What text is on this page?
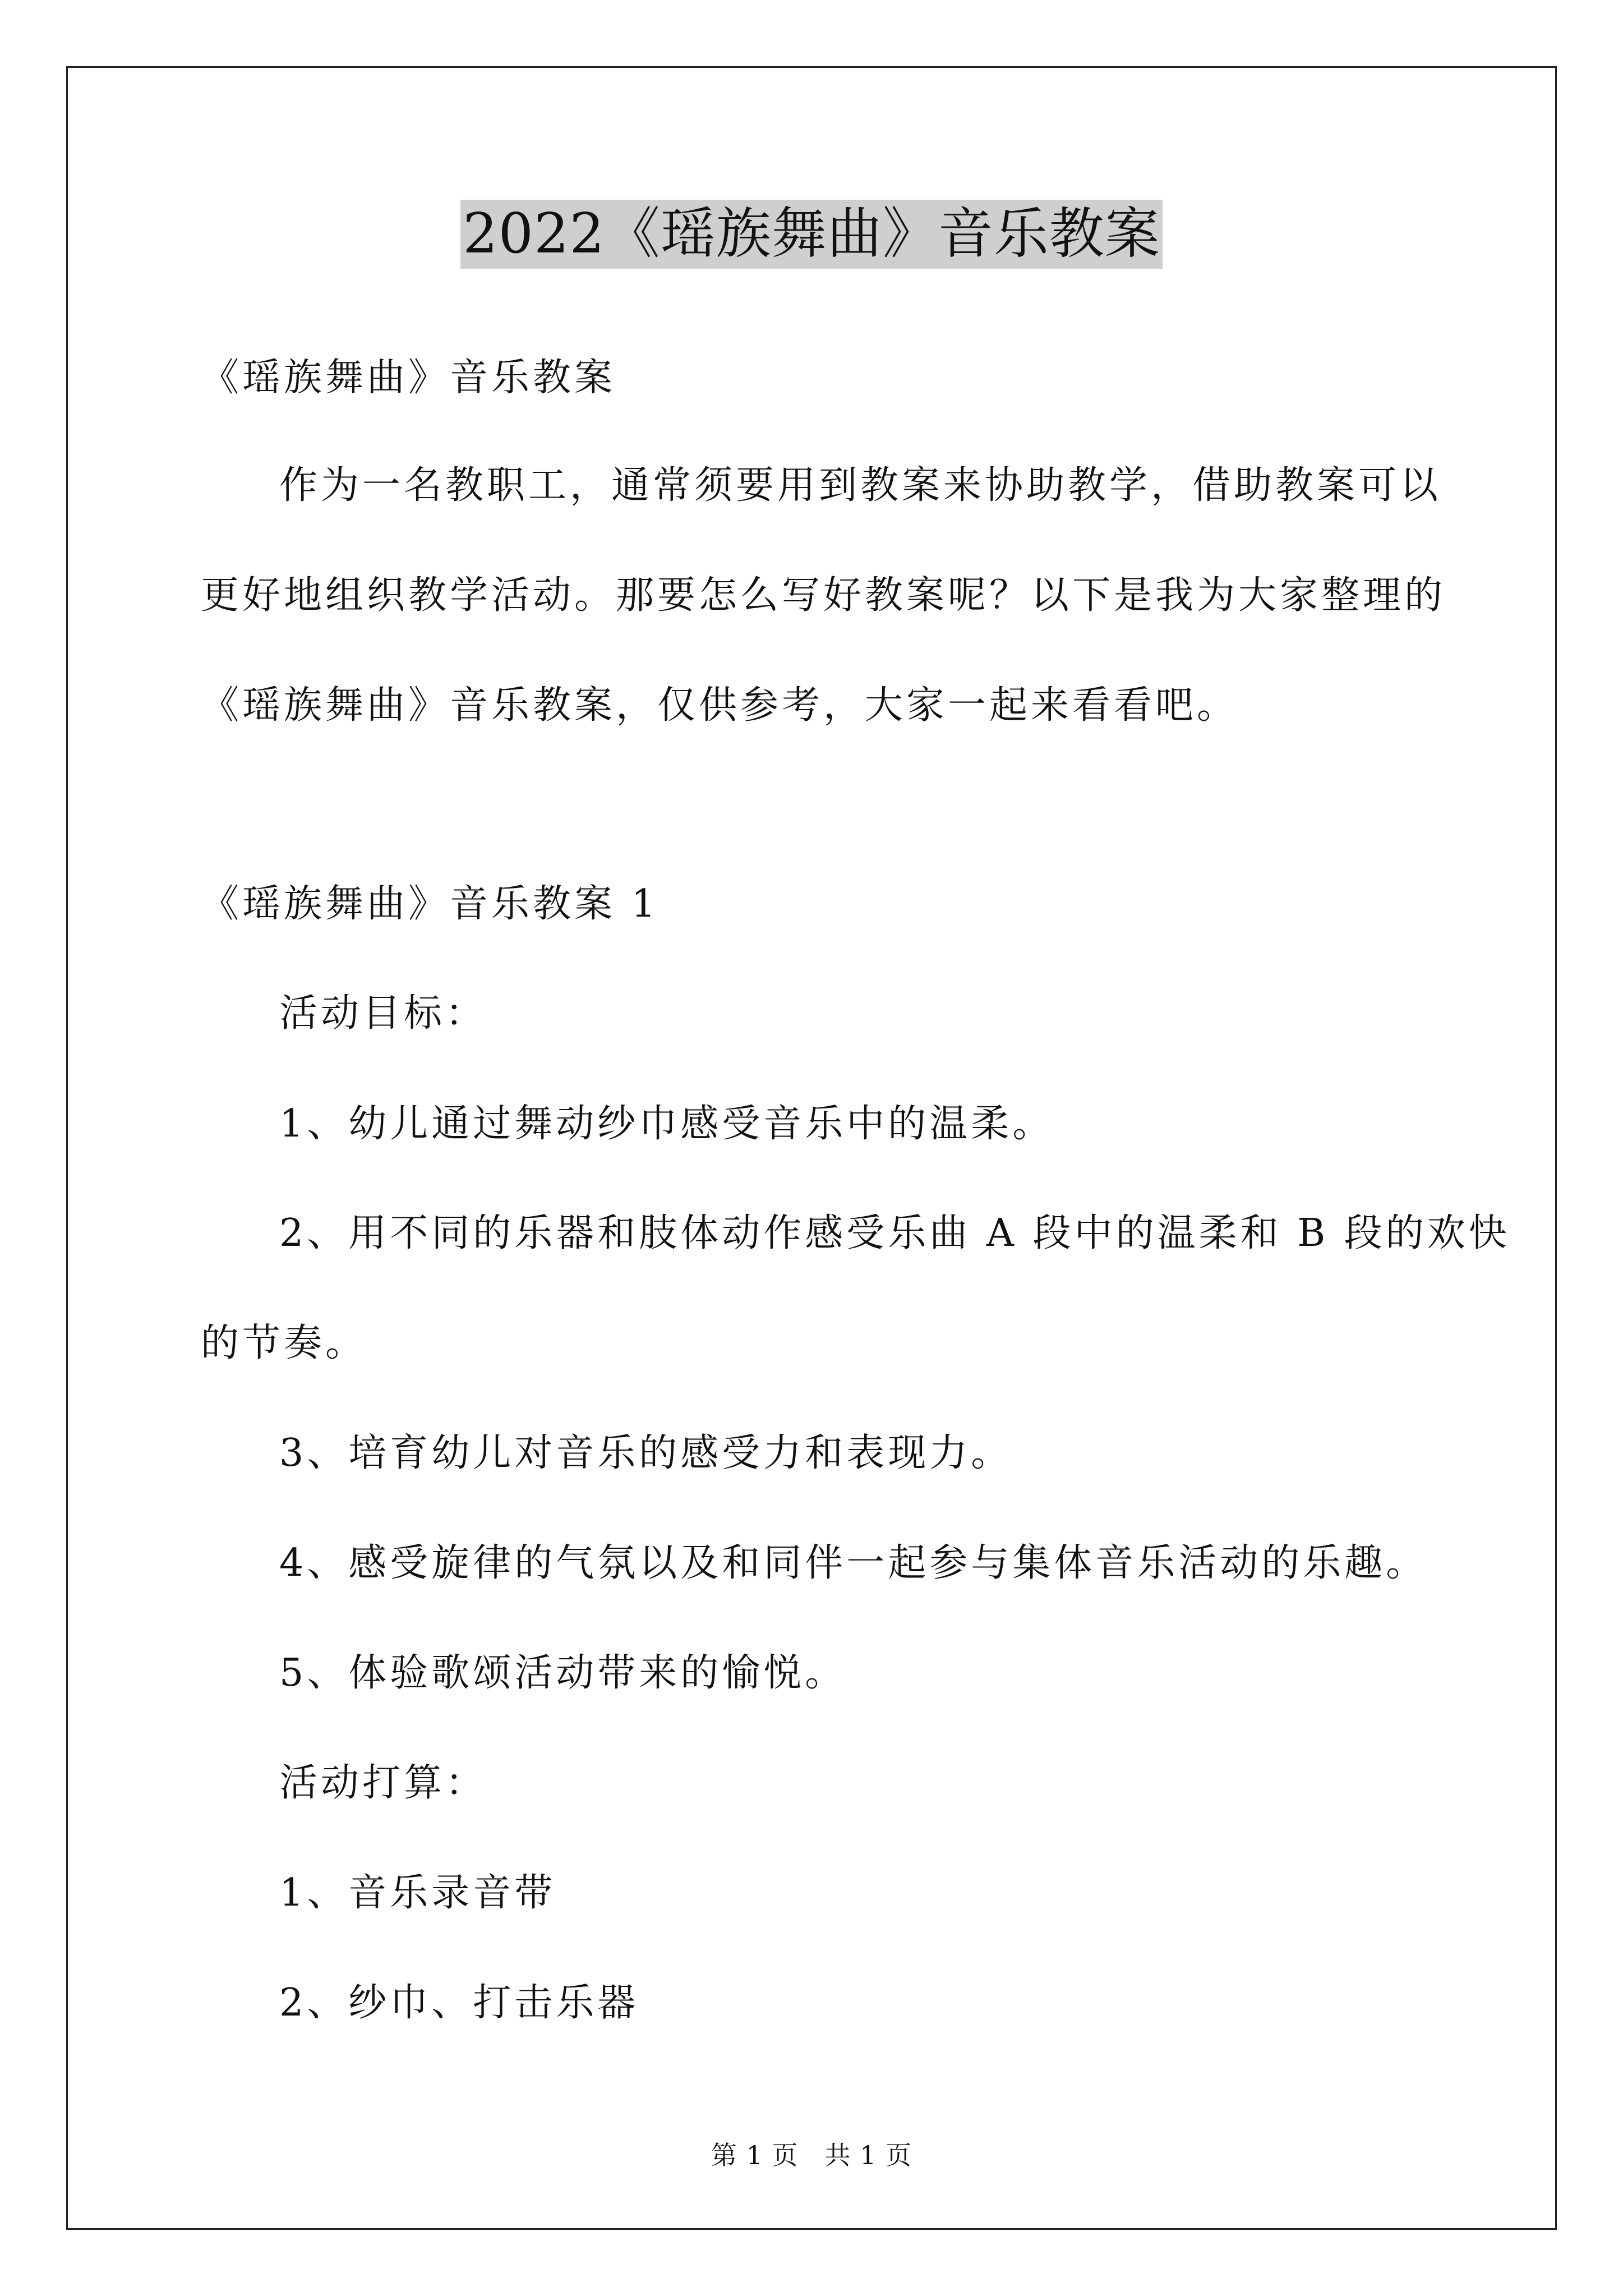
2022《瑶族舞曲》音乐教案
《瑶族舞曲》音乐教案
作为一名教职工，通常须要用到教案来协助教学，借助教案可以
更好地组织教学活动。那要怎么写好教案呢？以下是我为大家整理的
《瑶族舞曲》音乐教案，仅供参考，大家一起来看看吧。
《瑶族舞曲》音乐教案 1
活动目标：
1、幼儿通过舞动纱巾感受音乐中的温柔。
2、用不同的乐器和肢体动作感受乐曲 A 段中的温柔和 B 段的欢快
的节奏。
3、培育幼儿对音乐的感受力和表现力。
4、感受旋律的气氛以及和同伴一起参与集体音乐活动的乐趣。
5、体验歌颂活动带来的愉悦。
活动打算：
1、音乐录音带
2、纱巾、打击乐器
第 1 页　共 1 页
